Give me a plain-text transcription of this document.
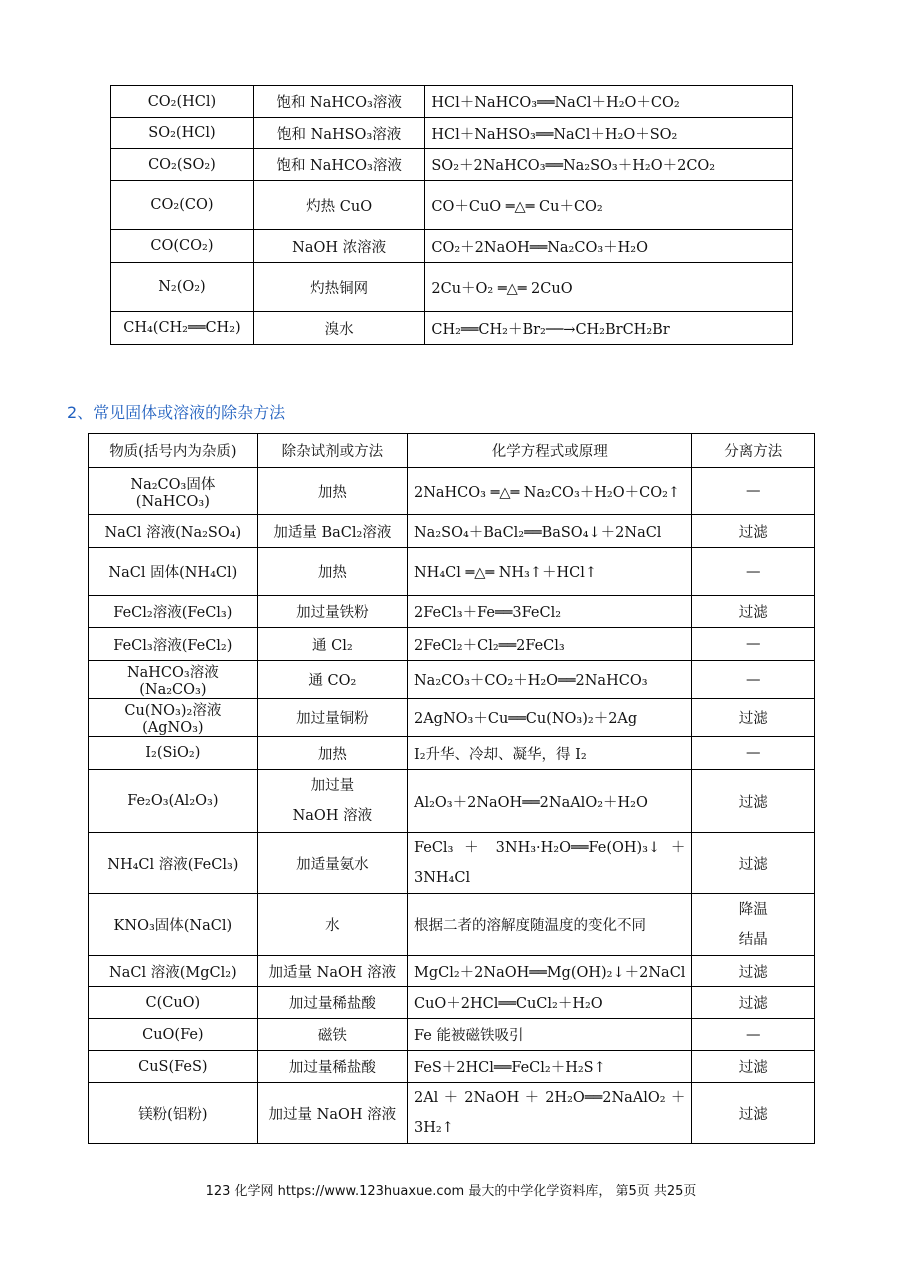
CO₂(HCl)	饱和 NaHCO₃溶液	HCl＋NaHCO₃══NaCl＋H₂O＋CO₂
SO₂(HCl)	饱和 NaHSO₃溶液	HCl＋NaHSO₃══NaCl＋H₂O＋SO₂
CO₂(SO₂)	饱和 NaHCO₃溶液	SO₂＋2NaHCO₃══Na₂SO₃＋H₂O＋2CO₂
CO₂(CO)	灼热 CuO	CO＋CuO ═△═ Cu＋CO₂
CO(CO₂)	NaOH 浓溶液	CO₂＋2NaOH══Na₂CO₃＋H₂O
N₂(O₂)	灼热铜网	2Cu＋O₂ ═△═ 2CuO
CH₄(CH₂══CH₂)	溴水	CH₂══CH₂＋Br₂──→CH₂BrCH₂Br
2、常见固体或溶液的除杂方法
物质(括号内为杂质)	除杂试剂或方法	化学方程式或原理	分离方法
Na₂CO₃固体(NaHCO₃)	加热	2NaHCO₃ ═△═ Na₂CO₃＋H₂O＋CO₂↑	—
NaCl 溶液(Na₂SO₄)	加适量 BaCl₂溶液	Na₂SO₄＋BaCl₂══BaSO₄↓＋2NaCl	过滤
NaCl 固体(NH₄Cl)	加热	NH₄Cl ═△═ NH₃↑＋HCl↑	—
FeCl₂溶液(FeCl₃)	加过量铁粉	2FeCl₃＋Fe══3FeCl₂	过滤
FeCl₃溶液(FeCl₂)	通 Cl₂	2FeCl₂＋Cl₂══2FeCl₃	—
NaHCO₃溶液(Na₂CO₃)	通 CO₂	Na₂CO₃＋CO₂＋H₂O══2NaHCO₃	—
Cu(NO₃)₂溶液(AgNO₃)	加过量铜粉	2AgNO₃＋Cu══Cu(NO₃)₂＋2Ag	过滤
I₂(SiO₂)	加热	I₂升华、冷却、凝华，得 I₂	—
Fe₂O₃(Al₂O₃)	加过量 NaOH 溶液	Al₂O₃＋2NaOH══2NaAlO₂＋H₂O	过滤
NH₄Cl 溶液(FeCl₃)	加适量氨水	FeCl₃ ＋ 3NH₃·H₂O══Fe(OH)₃↓ ＋ 3NH₄Cl	过滤
KNO₃固体(NaCl)	水	根据二者的溶解度随温度的变化不同	降温结晶
NaCl 溶液(MgCl₂)	加适量 NaOH 溶液	MgCl₂＋2NaOH══Mg(OH)₂↓＋2NaCl	过滤
C(CuO)	加过量稀盐酸	CuO＋2HCl══CuCl₂＋H₂O	过滤
CuO(Fe)	磁铁	Fe 能被磁铁吸引	—
CuS(FeS)	加过量稀盐酸	FeS＋2HCl══FeCl₂＋H₂S↑	过滤
镁粉(铝粉)	加过量 NaOH 溶液	2Al ＋ 2NaOH ＋ 2H₂O══2NaAlO₂ ＋ 3H₂↑	过滤
123 化学网 https://www.123huaxue.com 最大的中学化学资料库， 第5页 共25页
